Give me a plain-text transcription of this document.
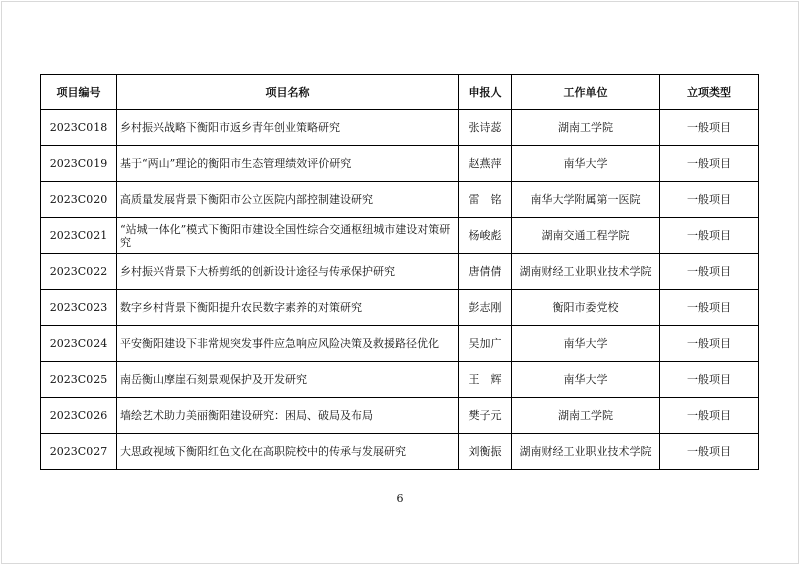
项目编号	项目名称	申报人	工作单位	立项类型
2023C018	乡村振兴战略下衡阳市返乡青年创业策略研究	张诗蕊	湖南工学院	一般项目
2023C019	基于“两山”理论的衡阳市生态管理绩效评价研究	赵燕萍	南华大学	一般项目
2023C020	高质量发展背景下衡阳市公立医院内部控制建设研究	雷　铭	南华大学附属第一医院	一般项目
2023C021	“站城一体化”模式下衡阳市建设全国性综合交通枢纽城市建设对策研究	杨峻彪	湖南交通工程学院	一般项目
2023C022	乡村振兴背景下大桥剪纸的创新设计途径与传承保护研究	唐倩倩	湖南财经工业职业技术学院	一般项目
2023C023	数字乡村背景下衡阳提升农民数字素养的对策研究	彭志刚	衡阳市委党校	一般项目
2023C024	平安衡阳建设下非常规突发事件应急响应风险决策及救援路径优化	吴加广	南华大学	一般项目
2023C025	南岳衡山摩崖石刻景观保护及开发研究	王　辉	南华大学	一般项目
2023C026	墙绘艺术助力美丽衡阳建设研究：困局、破局及布局	樊子元	湖南工学院	一般项目
2023C027	大思政视域下衡阳红色文化在高职院校中的传承与发展研究	刘衡振	湖南财经工业职业技术学院	一般项目
6
